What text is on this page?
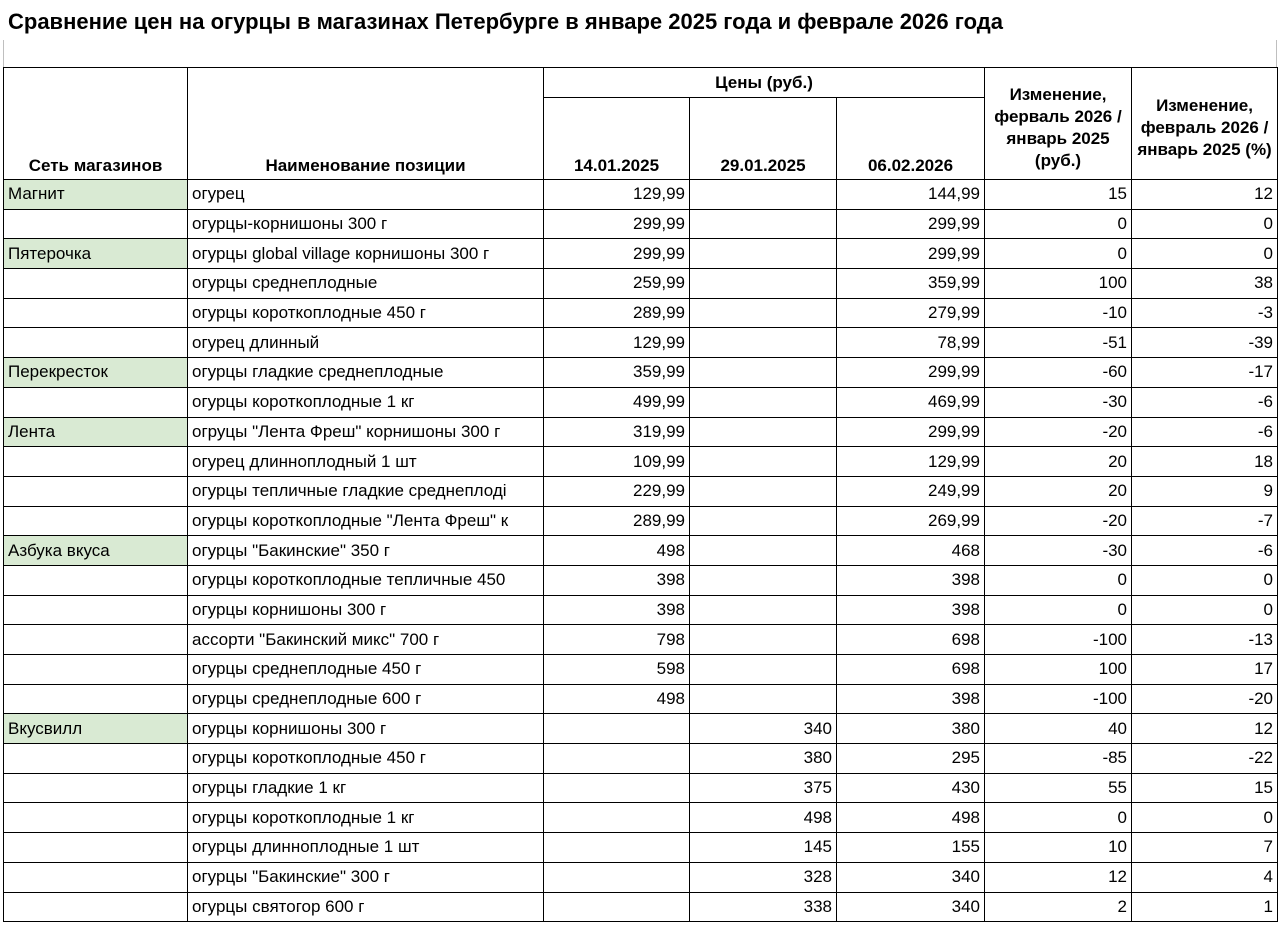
Сравнение цен на огурцы в магазинах Петербурге в январе 2025 года и феврале 2026 года
Сеть магазинов	Наименование позиции	Цены (руб.)			Изменение, ферваль 2026 / январь 2025 (руб.)	Изменение, февраль 2026 / январь 2025 (%)
		14.01.2025	29.01.2025	06.02.2026		
Магнит	огурец	129,99		144,99	15	12
	огурцы-корнишоны 300 г	299,99		299,99	0	0
Пятерочка	огурцы global village корнишоны 300 г	299,99		299,99	0	0
	огурцы среднеплодные	259,99		359,99	100	38
	огурцы короткоплодные 450 г	289,99		279,99	-10	-3
	огурец длинный	129,99		78,99	-51	-39
Перекресток	огурцы гладкие среднеплодные	359,99		299,99	-60	-17
	огурцы короткоплодные 1 кг	499,99		469,99	-30	-6
Лента	огруцы "Лента Фреш" корнишоны 300 г	319,99		299,99	-20	-6
	огурец длинноплодный 1 шт	109,99		129,99	20	18
	огурцы тепличные гладкие среднеплоді	229,99		249,99	20	9
	огурцы короткоплодные "Лента Фреш" к	289,99		269,99	-20	-7
Азбука вкуса	огурцы "Бакинские" 350 г	498		468	-30	-6
	огурцы короткоплодные тепличные 450	398		398	0	0
	огурцы корнишоны 300 г	398		398	0	0
	ассорти "Бакинский микс" 700 г	798		698	-100	-13
	огурцы среднеплодные 450 г	598		698	100	17
	огурцы среднеплодные 600 г	498		398	-100	-20
Вкусвилл	огурцы корнишоны 300 г		340	380	40	12
	огурцы короткоплодные 450 г		380	295	-85	-22
	огурцы гладкие 1 кг		375	430	55	15
	огурцы короткоплодные 1 кг		498	498	0	0
	огурцы длинноплодные 1 шт		145	155	10	7
	огурцы "Бакинские" 300 г		328	340	12	4
	огурцы святогор 600 г		338	340	2	1
